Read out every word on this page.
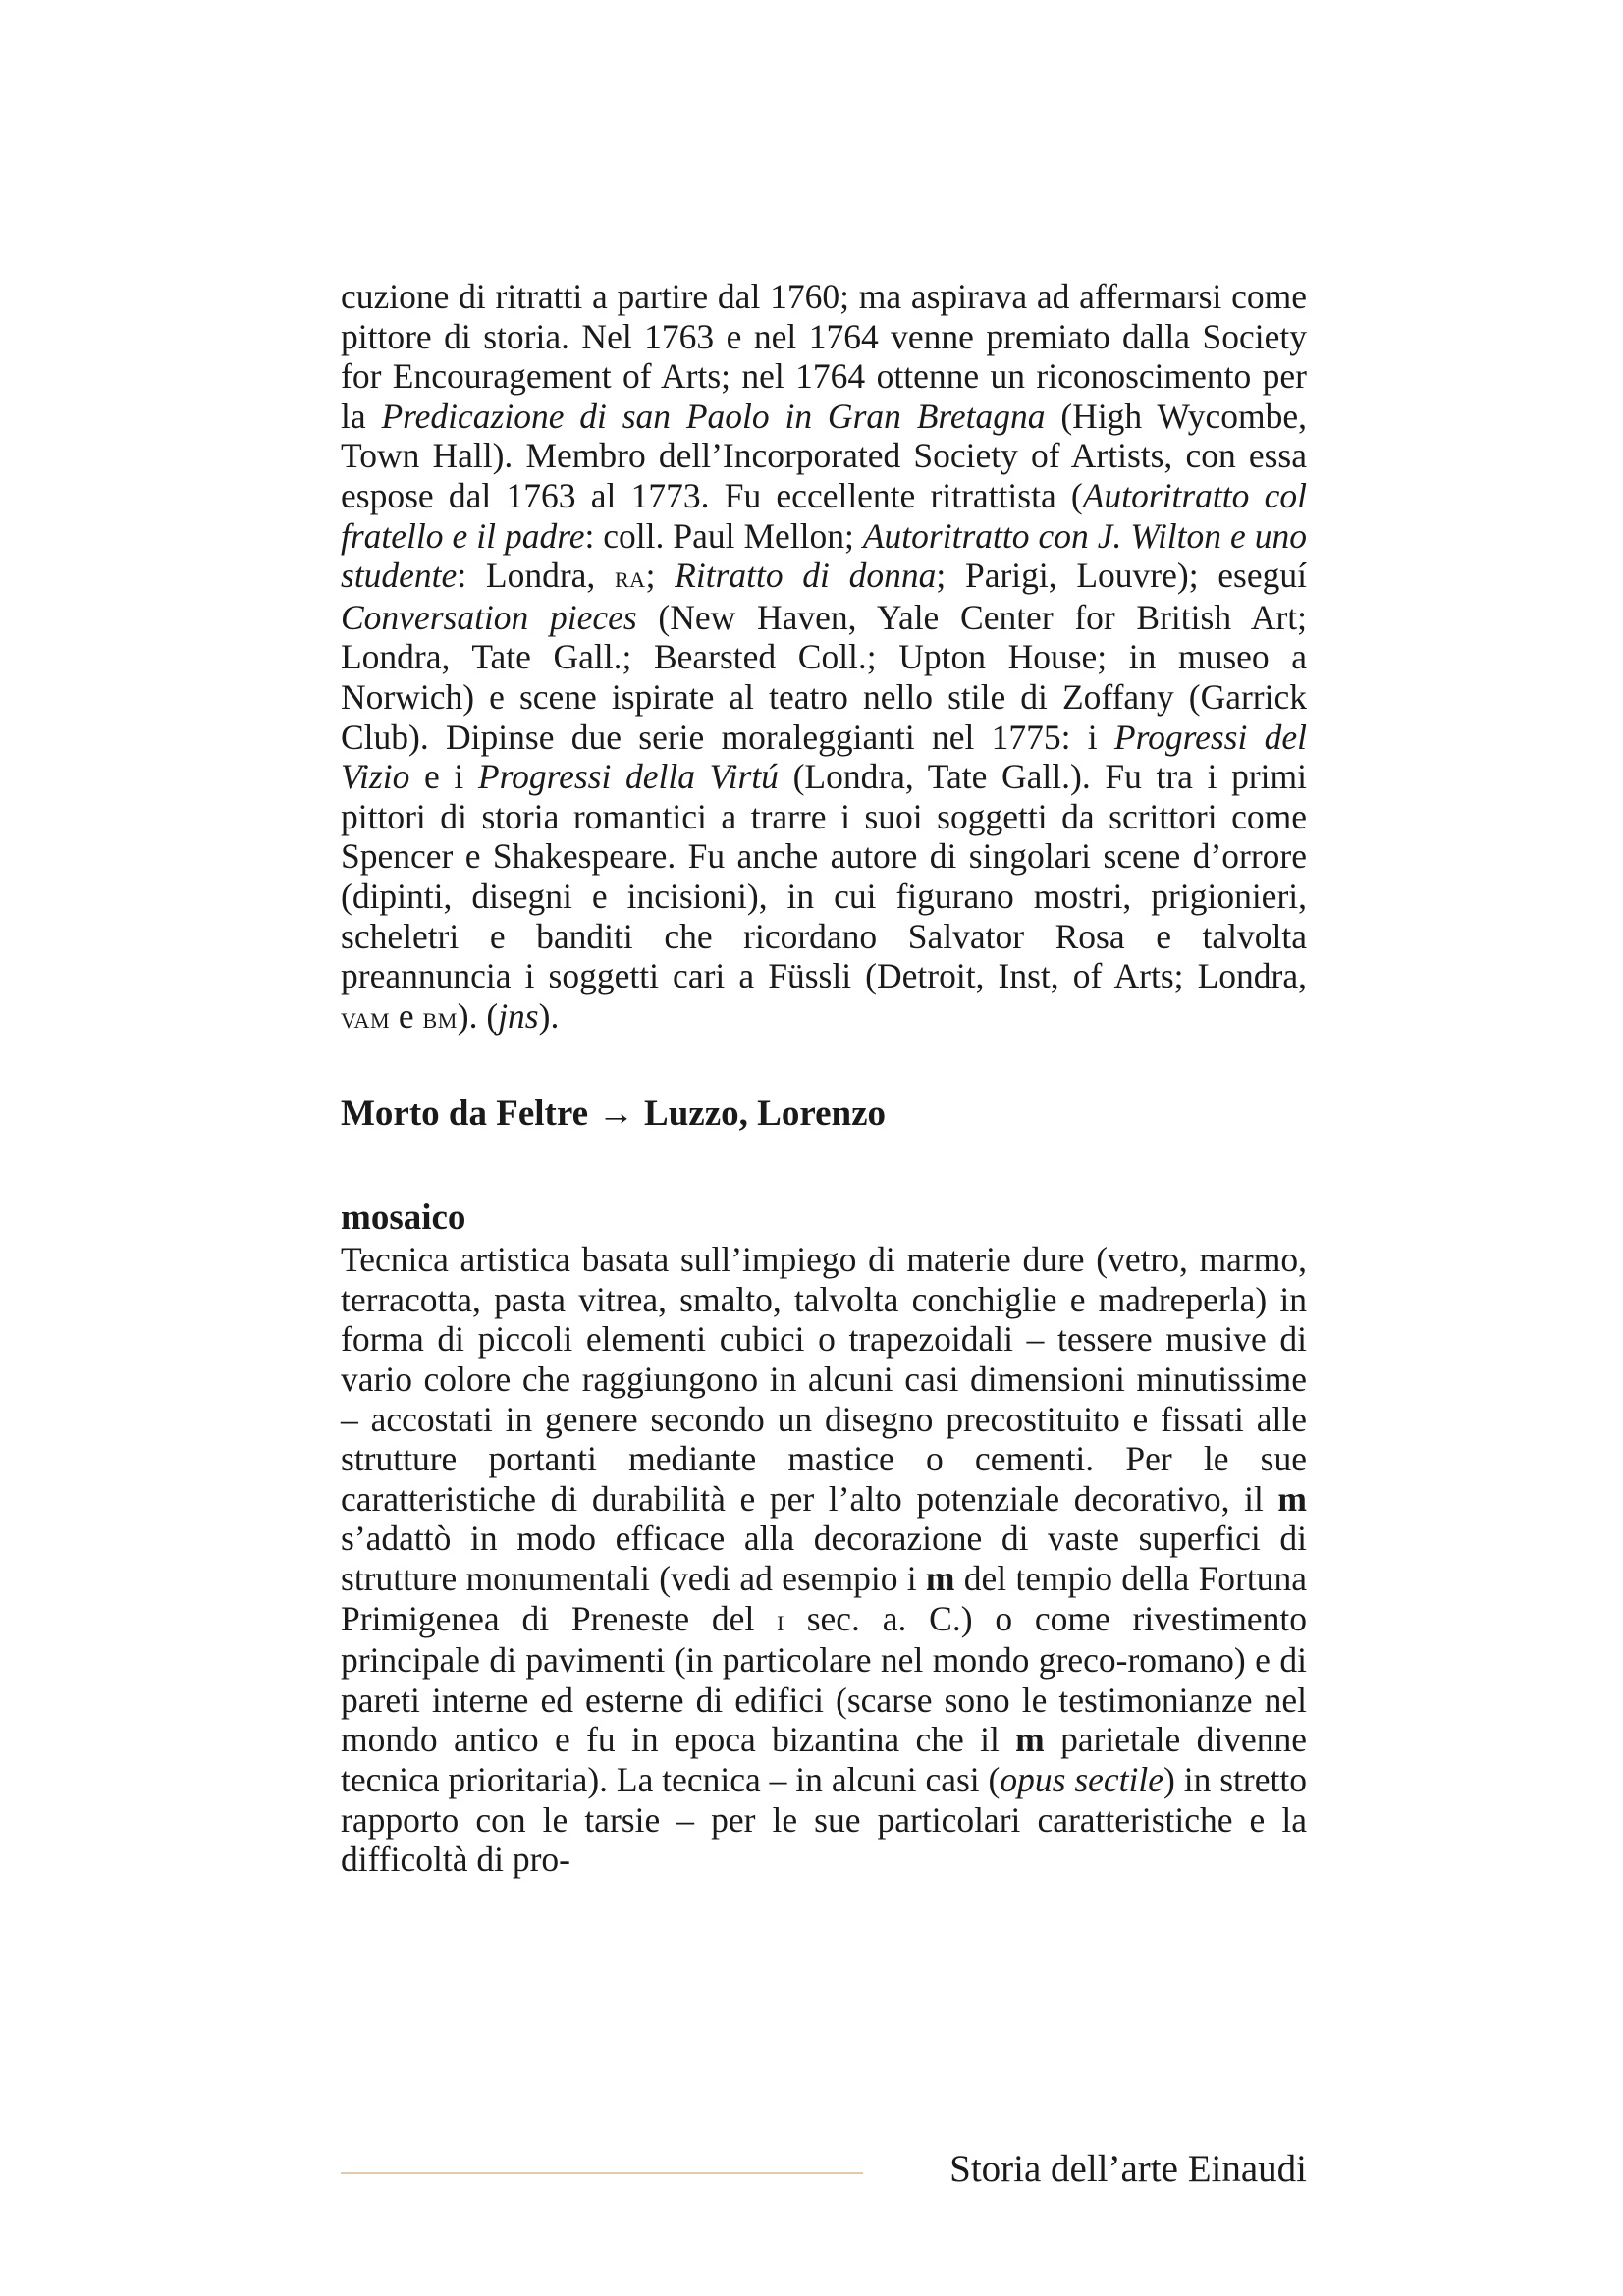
cuzione di ritratti a partire dal 1760; ma aspirava ad affermarsi come pittore di storia. Nel 1763 e nel 1764 venne premiato dalla Society for Encouragement of Arts; nel 1764 ottenne un riconoscimento per la Predicazione di san Paolo in Gran Bretagna (High Wycombe, Town Hall). Membro dell’Incorporated Society of Artists, con essa espose dal 1763 al 1773. Fu eccellente ritrattista (Autoritratto col fratello e il padre: coll. Paul Mellon; Autoritratto con J. Wilton e uno studente: Londra, ra; Ritratto di donna; Parigi, Louvre); eseguí Conversation pieces (New Haven, Yale Center for British Art; Londra, Tate Gall.; Bearsted Coll.; Upton House; in museo a Norwich) e scene ispirate al teatro nello stile di Zoffany (Garrick Club). Dipinse due serie moraleggianti nel 1775: i Progressi del Vizio e i Progressi della Virtú (Londra, Tate Gall.). Fu tra i primi pittori di storia romantici a trarre i suoi soggetti da scrittori come Spencer e Shakespeare. Fu anche autore di singolari scene d’orrore (dipinti, disegni e incisioni), in cui figurano mostri, prigionieri, scheletri e banditi che ricordano Salvator Rosa e talvolta preannuncia i soggetti cari a Füssli (Detroit, Inst, of Arts; Londra, vam e bm). (jns).

Morto da Feltre → Luzzo, Lorenzo
mosaico

Tecnica artistica basata sull’impiego di materie dure (vetro, marmo, terracotta, pasta vitrea, smalto, talvolta conchiglie e madreperla) in forma di piccoli elementi cubici o trapezoidali – tessere musive di vario colore che raggiungono in alcuni casi dimensioni minutissime – accostati in genere secondo un disegno precostituito e fissati alle strutture portanti mediante mastice o cementi. Per le sue caratteristiche di durabilità e per l’alto potenziale decorativo, il m s’adattò in modo efficace alla decorazione di vaste superfici di strutture monumentali (vedi ad esempio i m del tempio della Fortuna Primigenea di Preneste del i sec. a. C.) o come rivestimento principale di pavimenti (in particolare nel mondo greco-romano) e di pareti interne ed esterne di edifici (scarse sono le testimonianze nel mondo antico e fu in epoca bizantina che il m parietale divenne tecnica prioritaria). La tecnica – in alcuni casi (opus sectile) in stretto rapporto con le tarsie – per le sue particolari caratteristiche e la difficoltà di pro-

Storia dell’arte Einaudi
